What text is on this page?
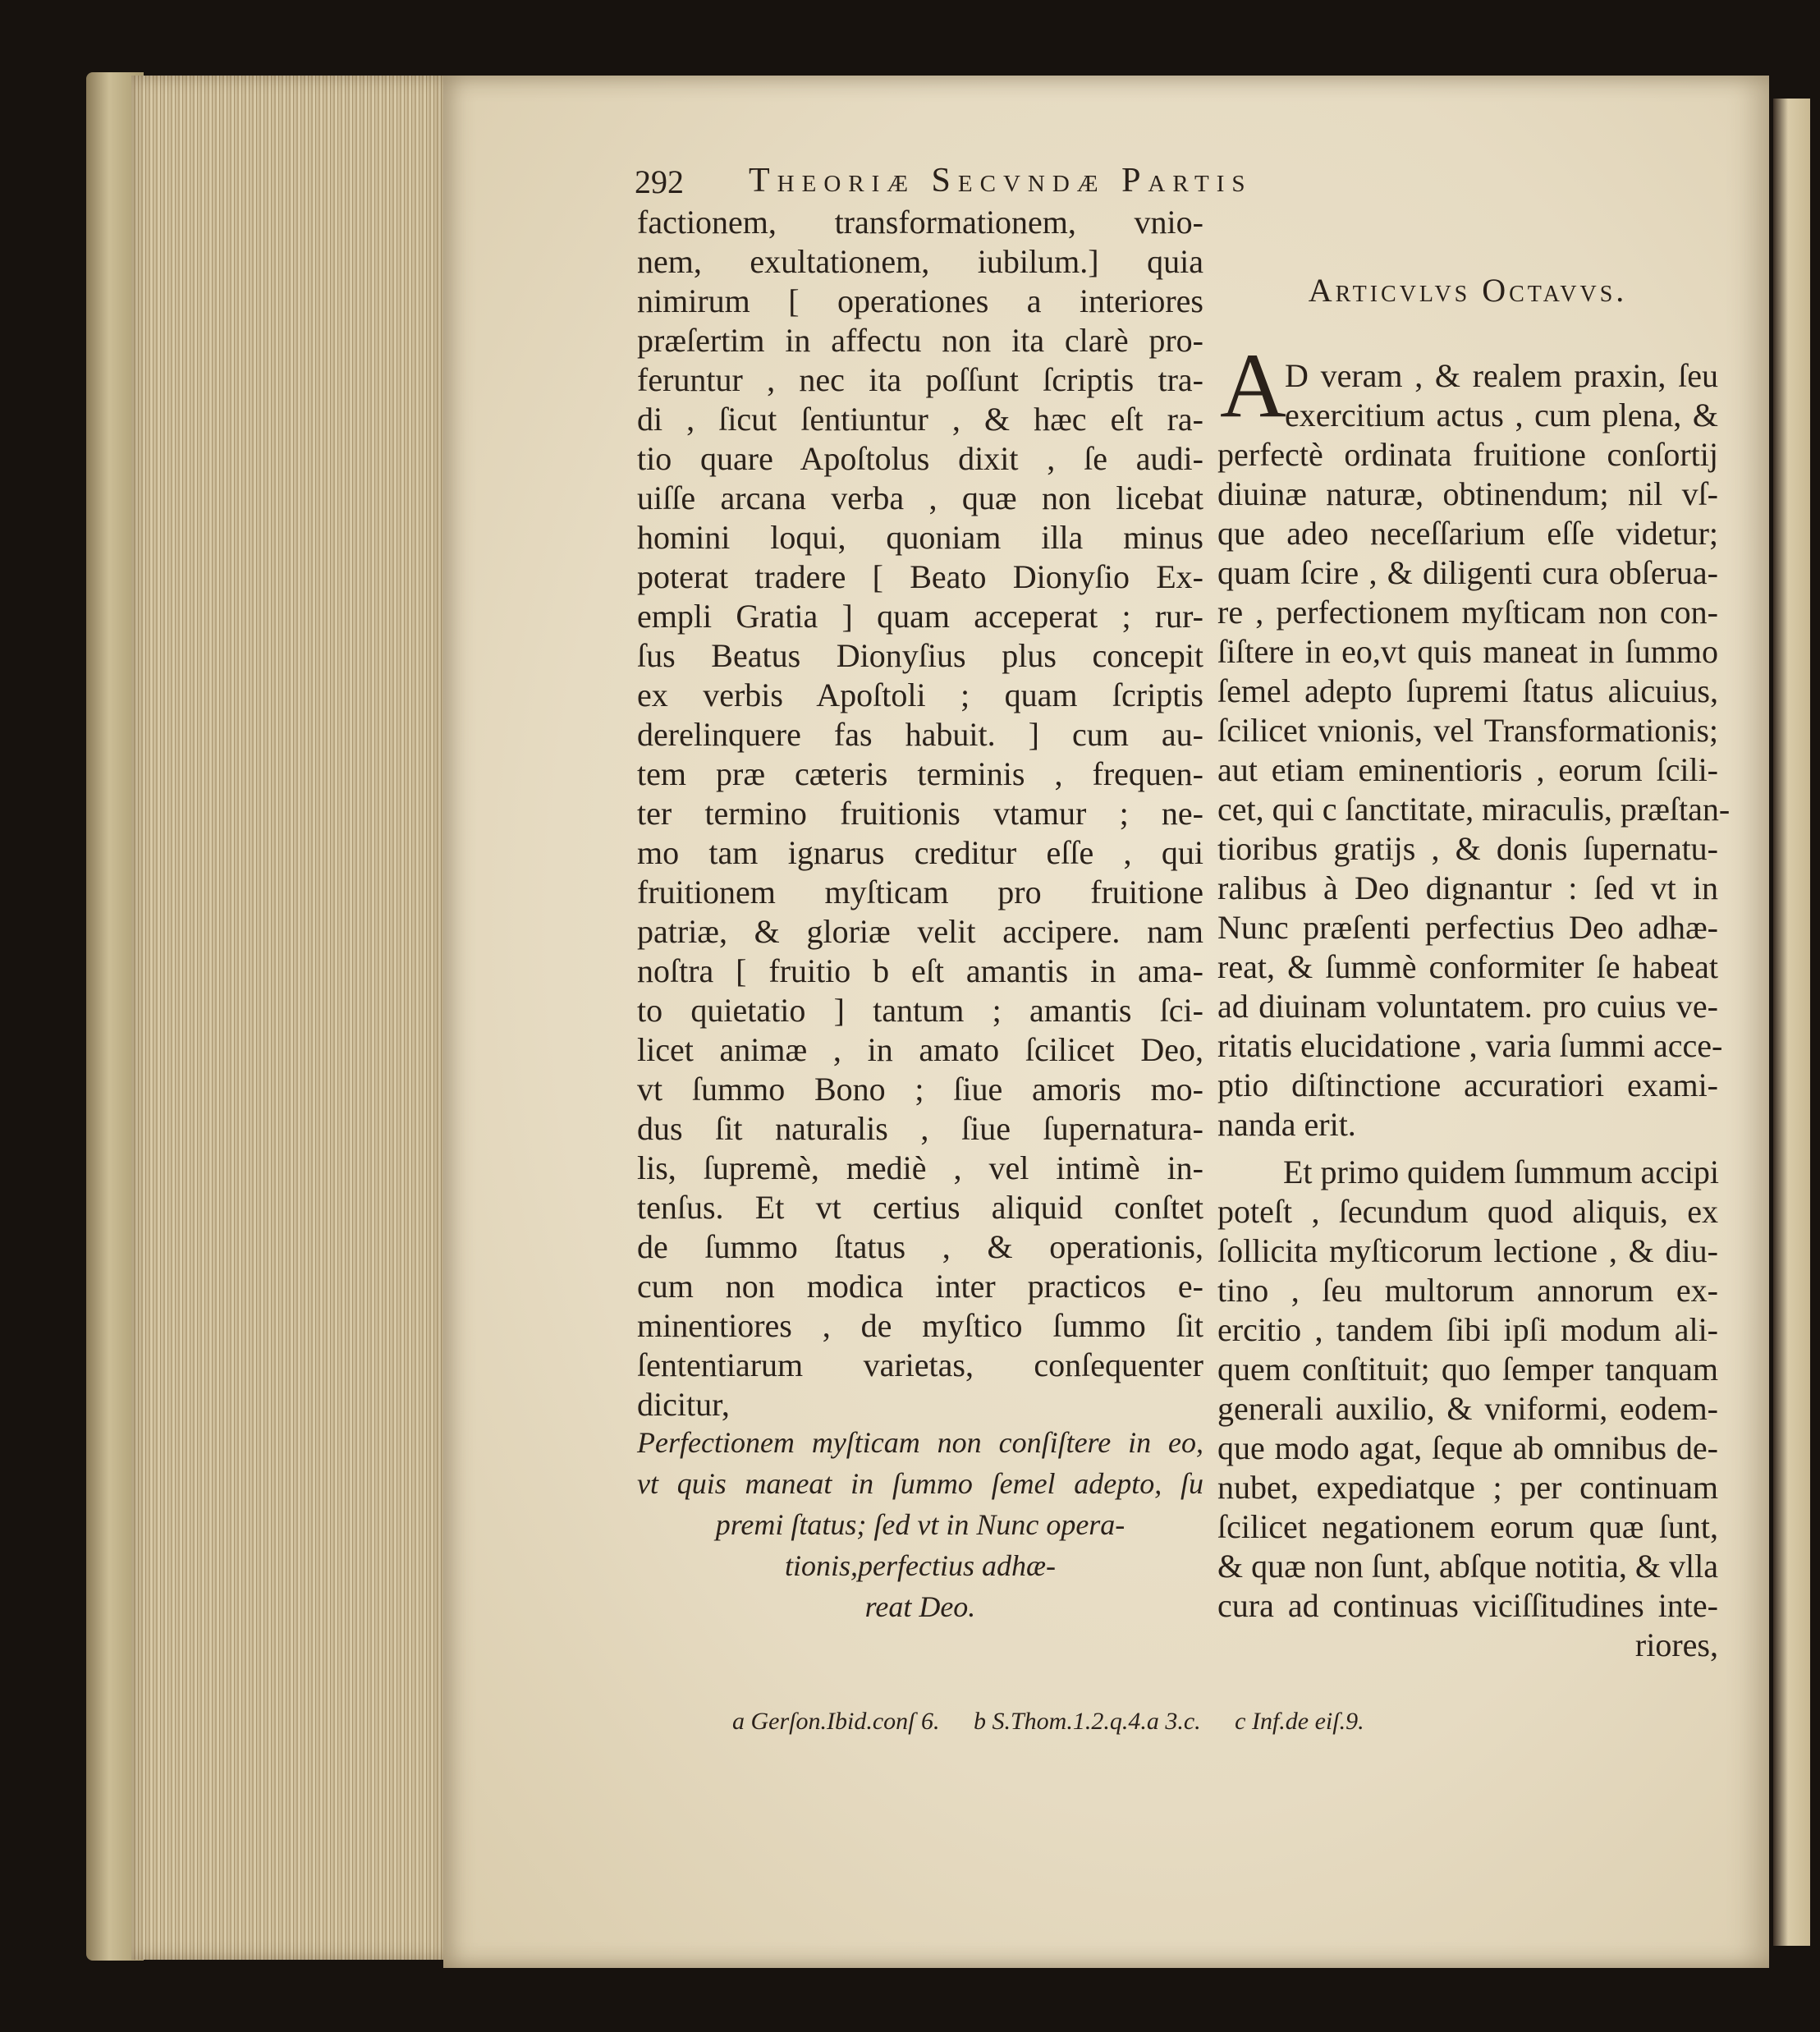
292 Theoriæ Secvndæ Partis
factionem, transformationem, vnio-
nem, exultationem, iubilum.] quia
nimirum [ operationes a interiores
præſertim in affectu non ita clarè pro-
feruntur , nec ita poſſunt ſcriptis tra-
di , ſicut ſentiuntur , & hæc eſt ra-
tio quare Apoſtolus dixit , ſe audi-
uiſſe arcana verba , quæ non licebat
homini loqui, quoniam illa minus
poterat tradere [ Beato Dionyſio Ex-
empli Gratia ] quam acceperat ; rur-
ſus Beatus Dionyſius plus concepit
ex verbis Apoſtoli ; quam ſcriptis
derelinquere fas habuit. ] cum au-
tem præ cæteris terminis , frequen-
ter termino fruitionis vtamur ; ne-
mo tam ignarus creditur eſſe , qui
fruitionem myſticam pro fruitione
patriæ, & gloriæ velit accipere. nam
noſtra [ fruitio b eſt amantis in ama-
to quietatio ] tantum ; amantis ſci-
licet animæ , in amato ſcilicet Deo,
vt ſummo Bono ; ſiue amoris mo-
dus ſit naturalis , ſiue ſupernatura-
lis, ſupremè, mediè , vel intimè in-
tenſus. Et vt certius aliquid conſtet
de ſummo ſtatus , & operationis,
cum non modica inter practicos e-
minentiores , de myſtico ſummo ſit
ſententiarum varietas, conſequenter
dicitur,
Perfectionem myſticam non conſiſtere in eo,
vt quis maneat in ſummo ſemel adepto, ſu
premi ſtatus; ſed vt in Nunc opera-
tionis,perfectius adhæ-
reat Deo.
Articvlvs Octavvs.
A
D veram , & realem praxin, ſeu
exercitium actus , cum plena, &
perfectè ordinata fruitione conſortij
diuinæ naturæ, obtinendum; nil vſ-
que adeo neceſſarium eſſe videtur;
quam ſcire , & diligenti cura obſerua-
re , perfectionem myſticam non con-
ſiſtere in eo,vt quis maneat in ſummo
ſemel adepto ſupremi ſtatus alicuius,
ſcilicet vnionis, vel Transformationis;
aut etiam eminentioris , eorum ſcili-
cet, qui c ſanctitate, miraculis, præſtan-
tioribus gratijs , & donis ſupernatu-
ralibus à Deo dignantur : ſed vt in
Nunc præſenti perfectius Deo adhæ-
reat, & ſummè conformiter ſe habeat
ad diuinam voluntatem. pro cuius ve-
ritatis elucidatione , varia ſummi acce-
ptio diſtinctione accuratiori exami-
nanda erit.
Et primo quidem ſummum accipi
poteſt , ſecundum quod aliquis, ex
ſollicita myſticorum lectione , & diu-
tino , ſeu multorum annorum ex-
ercitio , tandem ſibi ipſi modum ali-
quem conſtituit; quo ſemper tanquam
generali auxilio, & vniformi, eodem-
que modo agat, ſeque ab omnibus de-
nubet, expediatque ; per continuam
ſcilicet negationem eorum quæ ſunt,
& quæ non ſunt, abſque notitia, & vlla
cura ad continuas viciſſitudines inte-
riores,
a Gerſon.Ibid.conſ 6. b S.Thom.1.2.q.4.a 3.c. c Inf.de eiſ.9.
